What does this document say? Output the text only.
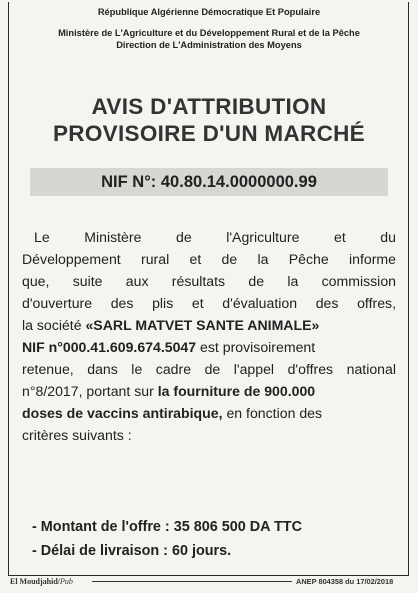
République Algérienne Démocratique Et Populaire
Ministère de L'Agriculture et du Développement Rural et de la Pêche
Direction de L'Administration des Moyens
AVIS D'ATTRIBUTION
PROVISOIRE D'UN MARCHÉ
NIF N°: 40.80.14.0000000.99
Le Ministère de l'Agriculture et du
Développement rural et de la Pêche informe
que, suite aux résultats de la commission
d'ouverture des plis et d'évaluation des offres,
la société «SARL MATVET SANTE ANIMALE»
NIF n°000.41.609.674.5047 est provisoirement
retenue, dans le cadre de l'appel d'offres national
n°8/2017, portant sur la fourniture de 900.000
doses de vaccins antirabique, en fonction des
critères suivants :
- Montant de l'offre : 35 806 500 DA TTC
- Délai de livraison : 60 jours.
El Moudjahid/Pub	ANEP 804358 du 17/02/2018
